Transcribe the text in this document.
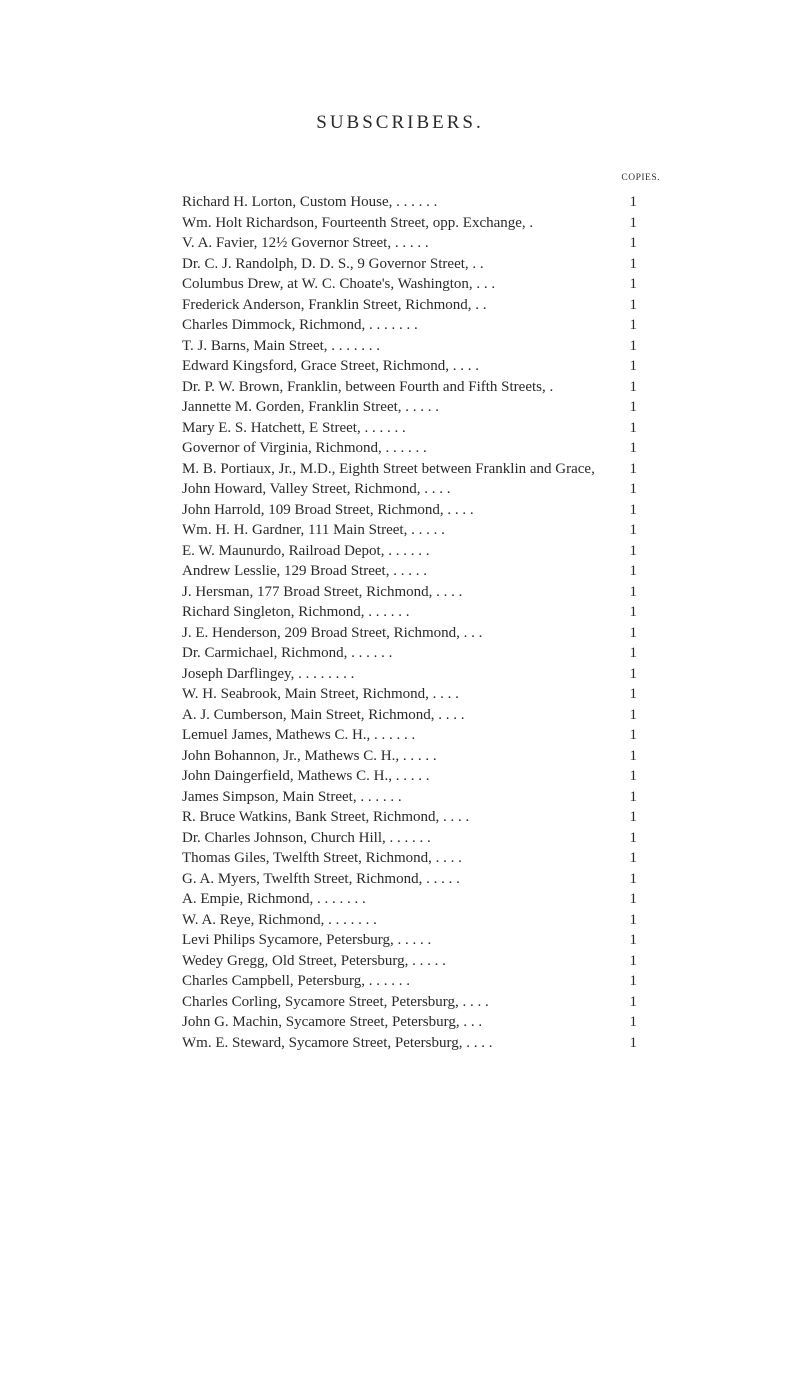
SUBSCRIBERS.
COPIES.
Richard H. Lorton, Custom House, . . . . . .	1
Wm. Holt Richardson, Fourteenth Street, opp. Exchange, .	1
V. A. Favier, 12½ Governor Street, . . . . .	1
Dr. C. J. Randolph, D. D. S., 9 Governor Street, . .	1
Columbus Drew, at W. C. Choate's, Washington, . . .	1
Frederick Anderson, Franklin Street, Richmond, . .	1
Charles Dimmock, Richmond, . . . . . . .	1
T. J. Barns, Main Street, . . . . . . .	1
Edward Kingsford, Grace Street, Richmond, . . . .	1
Dr. P. W. Brown, Franklin, between Fourth and Fifth Streets, .	1
Jannette M. Gorden, Franklin Street, . . . . .	1
Mary E. S. Hatchett, E Street, . . . . . .	1
Governor of Virginia, Richmond, . . . . . .	1
M. B. Portiaux, Jr., M.D., Eighth Street between Franklin and Grace, 1
John Howard, Valley Street, Richmond, . . . .	1
John Harrold, 109 Broad Street, Richmond, . . . .	1
Wm. H. H. Gardner, 111 Main Street, . . . . .	1
E. W. Maunurdo, Railroad Depot, . . . . . .	1
Andrew Lesslie, 129 Broad Street, . . . . .	1
J. Hersman, 177 Broad Street, Richmond, . . . .	1
Richard Singleton, Richmond, . . . . . .	1
J. E. Henderson, 209 Broad Street, Richmond, . . .	1
Dr. Carmichael, Richmond, . . . . . .	1
Joseph Darflingey, . . . . . . . .	1
W. H. Seabrook, Main Street, Richmond, . . . .	1
A. J. Cumberson, Main Street, Richmond, . . . .	1
Lemuel James, Mathews C. H., . . . . . .	1
John Bohannon, Jr., Mathews C. H., . . . . .	1
John Daingerfield, Mathews C. H., . . . . .	1
James Simpson, Main Street, . . . . . .	1
R. Bruce Watkins, Bank Street, Richmond, . . . .	1
Dr. Charles Johnson, Church Hill, . . . . . .	1
Thomas Giles, Twelfth Street, Richmond, . . . .	1
G. A. Myers, Twelfth Street, Richmond, . . . . .	1
A. Empie, Richmond, . . . . . . .	1
W. A. Reye, Richmond, . . . . . . .	1
Levi Philips Sycamore, Petersburg, . . . . .	1
Wedey Gregg, Old Street, Petersburg, . . . . .	1
Charles Campbell, Petersburg, . . . . . .	1
Charles Corling, Sycamore Street, Petersburg, . . . .	1
John G. Machin, Sycamore Street, Petersburg, . . .	1
Wm. E. Steward, Sycamore Street, Petersburg, . . . .	1
